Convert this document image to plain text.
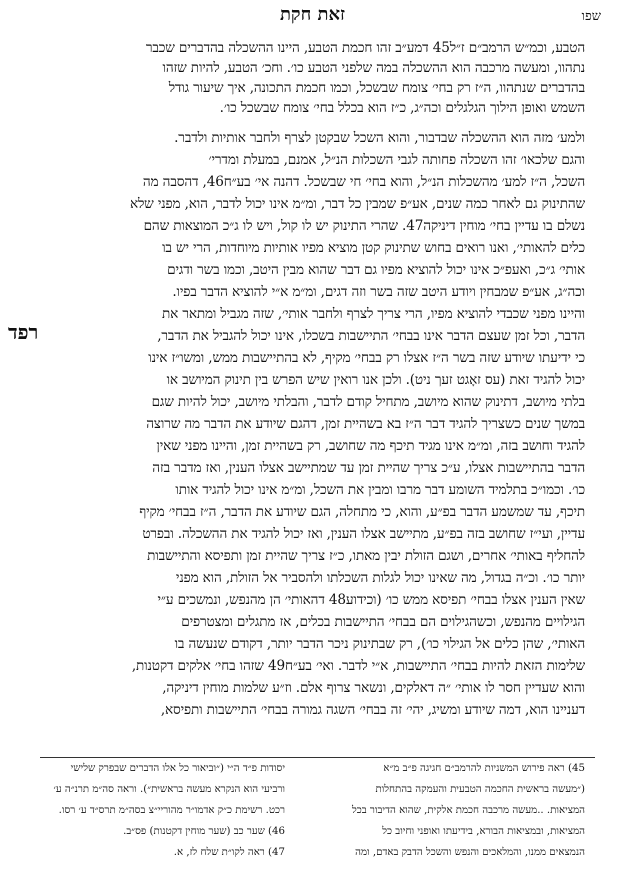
שפו
זאת חקת
הטבע, וכמ״ש הרמב״ם ז״ל45 דמע״ב זהו חכמת הטבע, היינו ההשכלה בהדברים שכבר
נתהוו, ומעשה מרכבה הוא ההשכלה במה שלפני הטבע כו׳. וחכ׳ הטבע, להיות שזהו
בהדברים שנתהוו, ה״ז רק בחי׳ צומח שבשכל, וכמו חכמת התכונה, איך שיעור גודל
השמש ואופן הילוך הגלגלים וכה״ג, כ״ז הוא בכלל בחי׳ צומח שבשכל כו׳.
ולמע׳ מזה הוא ההשכלה שבדבור, והוא השכל שבקטן לצרף ולחבר אותיות ולדבר.
והגם שלכאו׳ זהו השכלה פחותה לגבי השכלות הנ״ל, אמנם, במעלת ומדרי׳
השכל, ה״ז למע׳ מהשכלות הנ״ל, והוא בחי׳ חי שבשכל. דהנה אי׳ בע״ח46, דהסבה מה
שהתינוק גם לאחר כמה שנים, אע״פ שמבין כל דבר, ומ״מ אינו יכול לדבר, הוא, מפני שלא
נשלם בו עדיין בחי׳ מוחין דיניקה47. שהרי התינוק יש לו קול, ויש לו ג״כ המוצאות שהם
כלים להאותי׳, ואנו רואים בחוש שתינוק קטן מוציא מפיו אותיות מיוחדות, הרי יש בו
אותי׳ ג״כ, ואעפ״כ אינו יכול להוציא מפיו גם דבר שהוא מבין היטב, וכמו בשר ודגים
וכה״ג, אע״פ שמבחין ויודע היטב שזה בשר וזה דגים, ומ״מ א״י להוציא הדבר בפיו.
והיינו מפני שכבדי להוציא מפיו, הרי צריך לצרף ולחבר אותי׳, שזה מגביל ומתאר את
הדבר, וכל זמן שעצם הדבר אינו בבחי׳ התיישבות בשכלו, אינו יכול להגביל את הדבר,
כי ידיעתו שיודע שזה בשר ה״ז אצלו רק בבחי׳ מקיף, לא בהתיישבות ממש, ומשו״ז אינו
יכול להגיד זאת (עס זאָגט זעך ניט). ולכן אנו רואין שיש הפרש בין תינוק המיושב או
בלתי מיושב, דתינוק שהוא מיושב, מתחיל קודם לדבר, והבלתי מיושב, יכול להיות שגם
במשך שנים כשצריך להגיד דבר ה״ז בא בשהיית זמן, דהגם שיודע את הדבר מה שרוצה
להגיד וחושב בזה, ומ״מ אינו מגיד תיכף מה שחושב, רק בשהיית זמן, והיינו מפני שאין
הדבר בהתיישבות אצלו, ע״כ צריך שהיית זמן עד שמתיישב אצלו הענין, ואז מדבר בזה
כו׳. וכמו״כ בתלמיד השומע דבר מרבו ומבין את השכל, ומ״מ אינו יכול להגיד אותו
תיכף, עד שמשמע הדבר בפ״ע, והוא, כי מתחלה, הגם שיודע את הדבר, ה״ז בבחי׳ מקיף
עדיין, ועי״ז שחושב בזה בפ״ע, מתיישב אצלו הענין, ואז יכול להגיד את ההשכלה. ובפרט
להחליף באותי׳ אחרים, ושגם הזולת יבין מאתו, כ״ז צריך שהיית זמן ותפיסא והתיישבות
יותר כו׳. וכ״ה בגדול, מה שאינו יכול לגלות השכלתו ולהסביר אל הזולת, הוא מפני
שאין הענין אצלו בבחי׳ תפיסא ממש כו׳ (וכידוע48 דהאותי׳ הן מהנפש, ונמשכים ע״י
הגילויים מהנפש, וכשהגילוים הם בבחי׳ התיישבות בכלים, אז מתגלים ומצטרפים
האותי׳, שהן כלים אל הגילוי כו׳), רק שבתינוק ניכר הדבר יותר, דקודם שנעשה בו
שלימות הזאת להיות בבחי׳ התיישבות, א״י לדבר. ואי׳ בע״ח49 שזהו בחי׳ אלקים דקטנות,
והוא שעדיין חסר לו אותי׳ ״ה דאלקים, ונשאר צרוף אלם. וז״ע שלמות מוחין דיניקה,
דעניינו הוא, דמה שיודע ומשיג, יהי׳ זה בבחי׳ השגה גמורה בבחי׳ התיישבות ותפיסא,
רפד
45) ראה פירוש המשניות להרמב״ם חגיגה פ״ב מ״א
(״מעשה בראשית החכמה הטבעית והעמקה בהתחלות
המציאות. ..מעשה מרכבה חכמת אלקית, שהוא הדיבור בכל
המציאות, ובמציאות הבורא, בידיעתו ואופני וחיוב כל
הנמצאים ממנו, והמלאכים והנפש והשכל הדבק באדם, ומה
יסודות פ״ד ה״י (״וביאור כל אלו הדברים שבפרק שלישי
ורביעי הוא הנקרא מעשה בראשית״). וראה סה״מ תרנ״ה ע׳
רכט. רשימת כ״ק אדמו״ר מהוריי״צ בסה״מ תרס״ד ע׳ רסו.
46) שער כב (שער מוחין דקטנות) פס״ב.
47) ראה לקו״ת שלח לז, א.
